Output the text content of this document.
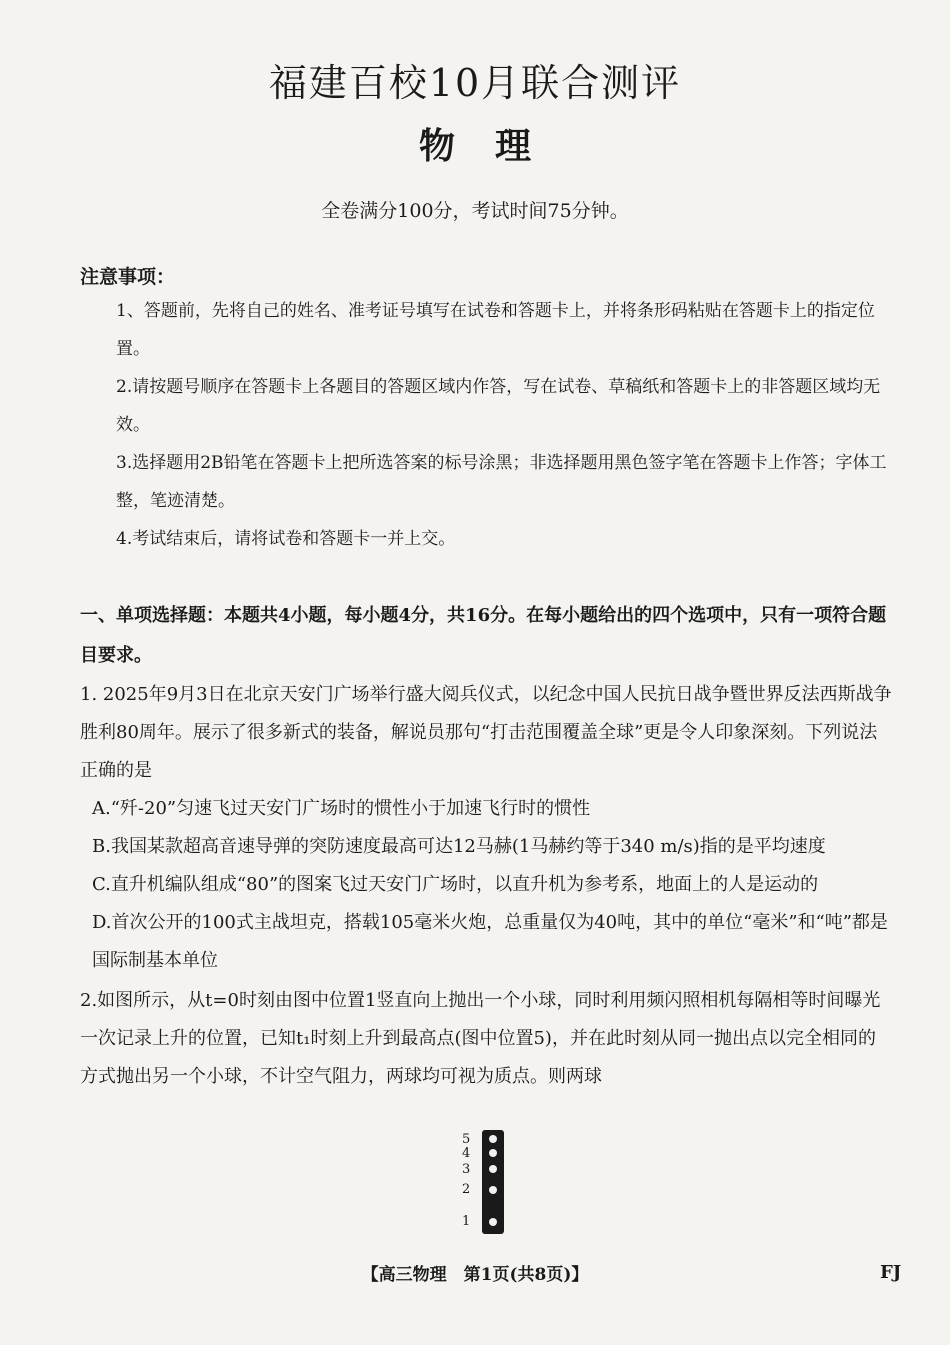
福建百校10月联合测评
物理
全卷满分100分，考试时间75分钟。
注意事项：
1、答题前，先将自己的姓名、准考证号填写在试卷和答题卡上，并将条形码粘贴在答题卡上的指定位置。
2.请按题号顺序在答题卡上各题目的答题区域内作答，写在试卷、草稿纸和答题卡上的非答题区域均无效。
3.选择题用2B铅笔在答题卡上把所选答案的标号涂黑；非选择题用黑色签字笔在答题卡上作答；字体工整，笔迹清楚。
4.考试结束后，请将试卷和答题卡一并上交。
一、单项选择题：本题共4小题，每小题4分，共16分。在每小题给出的四个选项中，只有一项符合题目要求。
1. 2025年9月3日在北京天安门广场举行盛大阅兵仪式，以纪念中国人民抗日战争暨世界反法西斯战争胜利80周年。展示了很多新式的装备，解说员那句“打击范围覆盖全球”更是令人印象深刻。下列说法正确的是
A.“歼-20”匀速飞过天安门广场时的惯性小于加速飞行时的惯性
B.我国某款超高音速导弹的突防速度最高可达12马赫(1马赫约等于340 m/s)指的是平均速度
C.直升机编队组成“80”的图案飞过天安门广场时，以直升机为参考系，地面上的人是运动的
D.首次公开的100式主战坦克，搭载105毫米火炮，总重量仅为40吨，其中的单位“毫米”和“吨”都是国际制基本单位
2.如图所示，从t=0时刻由图中位置1竖直向上抛出一个小球，同时利用频闪照相机每隔相等时间曝光一次记录上升的位置，已知t₁时刻上升到最高点(图中位置5)，并在此时刻从同一抛出点以完全相同的方式抛出另一个小球，不计空气阻力，两球均可视为质点。则两球
5
4
3
2
1
【高三物理　第1页(共8页)】	FJ
